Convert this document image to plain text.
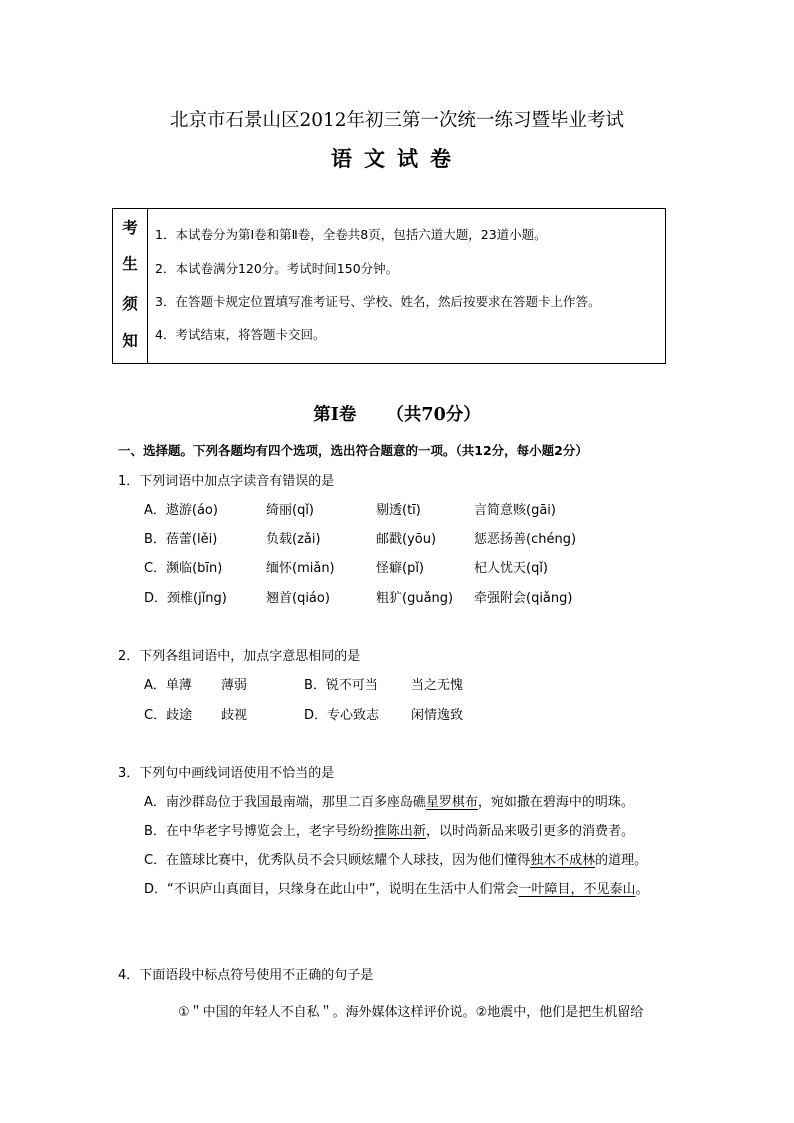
北京市石景山区2012年初三第一次统一练习暨毕业考试
语文试卷
考
生
须
知
1．本试卷分为第Ⅰ卷和第Ⅱ卷，全卷共8页，包括六道大题，23道小题。
2．本试卷满分120分。考试时间150分钟。
3．在答题卡规定位置填写准考证号、学校、姓名，然后按要求在答题卡上作答。
4．考试结束，将答题卡交回。
第Ⅰ卷 （共70分）
一、选择题。下列各题均有四个选项，选出符合题意的一项。（共12分，每小题2分）
1．下列词语中加点字读音有错误的是
A．遨游(áo)	绮丽(qǐ)	剔透(tī)	言简意赅(gāi)
B．蓓蕾(lěi)	负载(zǎi)	邮戳(yōu)	惩恶扬善(chéng)
C．濒临(bīn)	缅怀(miǎn)	怪癖(pǐ)	杞人忧天(qǐ)
D．颈椎(jǐng)	翘首(qiáo)	粗犷(guǎng) 牵强附会(qiǎng)
2．下列各组词语中，加点字意思相同的是
A．单薄 薄弱	B．锐不可当	当之无愧
C．歧途 歧视	D．专心致志 闲情逸致
3．下列句中画线词语使用不恰当的是
A．南沙群岛位于我国最南端，那里二百多座岛礁星罗棋布，宛如撒在碧海中的明珠。
B．在中华老字号博览会上，老字号纷纷推陈出新，以时尚新品来吸引更多的消费者。
C．在篮球比赛中，优秀队员不会只顾炫耀个人球技，因为他们懂得独木不成林的道理。
D．“不识庐山真面目，只缘身在此山中”，说明在生活中人们常会一叶障目，不见泰山。
4．下面语段中标点符号使用不正确的句子是
①＂中国的年轻人不自私＂。海外媒体这样评价说。②地震中，他们是把生机留给
